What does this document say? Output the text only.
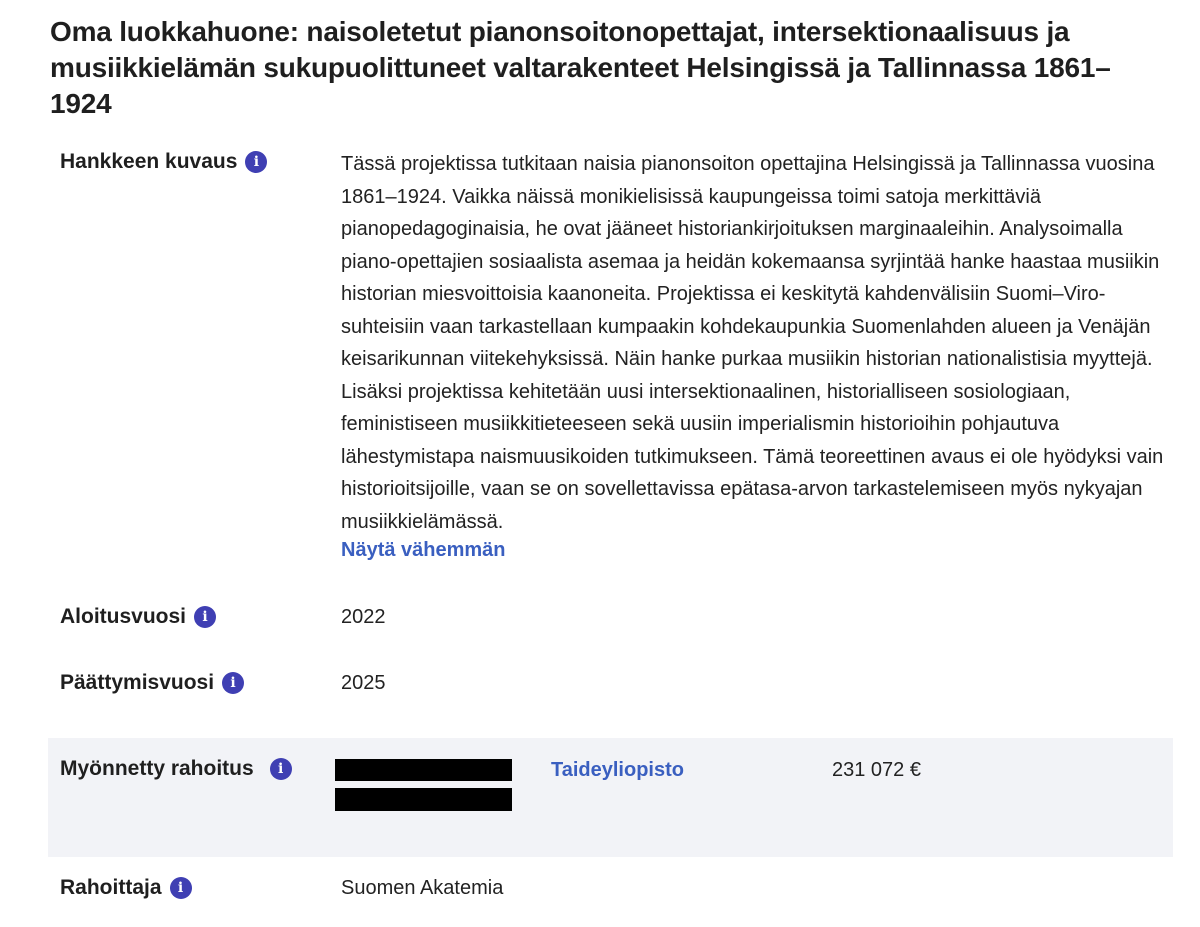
Oma luokkahuone: naisoletetut pianonsoitonopettajat, intersektionaalisuus ja musiikkielämän sukupuolittuneet valtarakenteet Helsingissä ja Tallinnassa 1861–1924
Hankkeen kuvaus	i	Tässä projektissa tutkitaan naisia pianonsoiton opettajina Helsingissä ja Tallinnassa vuosina 1861–1924. Vaikka näissä monikielisissä kaupungeissa toimi satoja merkittäviä pianopedagoginaisia, he ovat jääneet historiankirjoituksen marginaaleihin. Analysoimalla piano-opettajien sosiaalista asemaa ja heidän kokemaansa syrjintää hanke haastaa musiikin historian miesvoittoisia kaanoneita. Projektissa ei keskitytä kahdenvälisiin Suomi–Viro-suhteisiin vaan tarkastellaan kumpaakin kohdekaupunkia Suomenlahden alueen ja Venäjän keisarikunnan viitekehyksissä. Näin hanke purkaa musiikin historian nationalistisia myyttejä. Lisäksi projektissa kehitetään uusi intersektionaalinen, historialliseen sosiologiaan, feministiseen musiikkitieteeseen sekä uusiin imperialismin historioihin pohjautuva lähestymistapa naismuusikoiden tutkimukseen. Tämä teoreettinen avaus ei ole hyödyksi vain historioitsijoille, vaan se on sovellettavissa epätasa-arvon tarkastelemiseen myös nykyajan musiikkielämässä.

Näytä vähemmän
Aloitusvuosi	i	2022
Päättymisvuosi	i	2025
Myönnetty rahoitus	i	Taideyliopisto	231 072 €
Rahoittaja	i	Suomen Akatemia
